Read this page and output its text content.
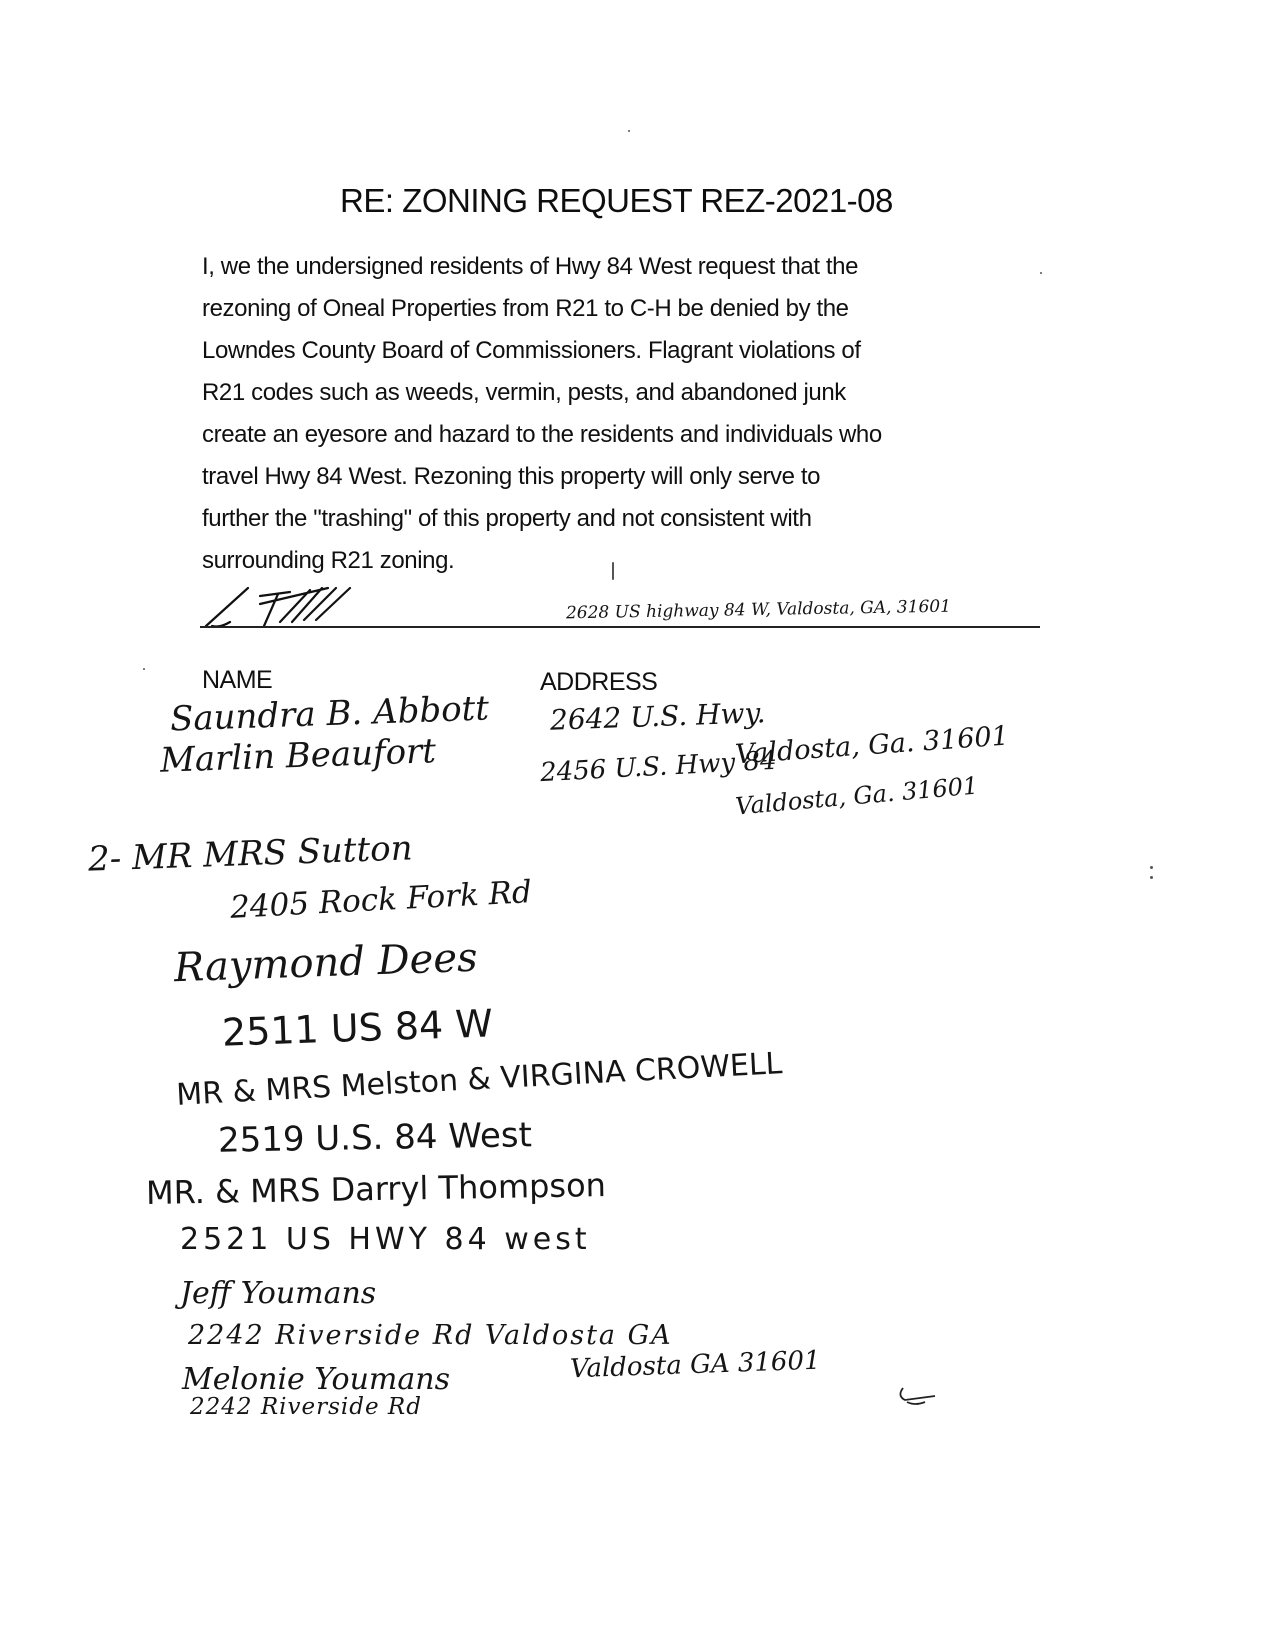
RE: ZONING REQUEST REZ-2021-08
I, we the undersigned residents of Hwy 84 West request that the
rezoning of Oneal Properties from R21 to C-H be denied by the
Lowndes County Board of Commissioners. Flagrant violations of
R21 codes such as weeds, vermin, pests, and abandoned junk
create an eyesore and hazard to the residents and individuals who
travel Hwy 84 West. Rezoning this property will only serve to
further the "trashing" of this property and not consistent with
surrounding R21 zoning.
2628 US highway 84 W, Valdosta, GA, 31601
NAME	ADDRESS
Saundra B. Abbott 2642 U.S. Hwy.
Valdosta, Ga. 31601
Marlin Beaufort	2456 U.S. Hwy 84
Valdosta, Ga. 31601
2- MR MRS Sutton
2405 Rock Fork Rd
Raymond Dees
2511 US 84 W
MR & MRS Melston & VIRGINA CROWELL
2519 U.S. 84 West
MR. & MRS Darryl Thompson
2521 US HWY 84 west
Jeff Youmans
2242 Riverside Rd Valdosta GA
Melonie Youmans	Valdosta GA 31601
2242 Riverside Rd
